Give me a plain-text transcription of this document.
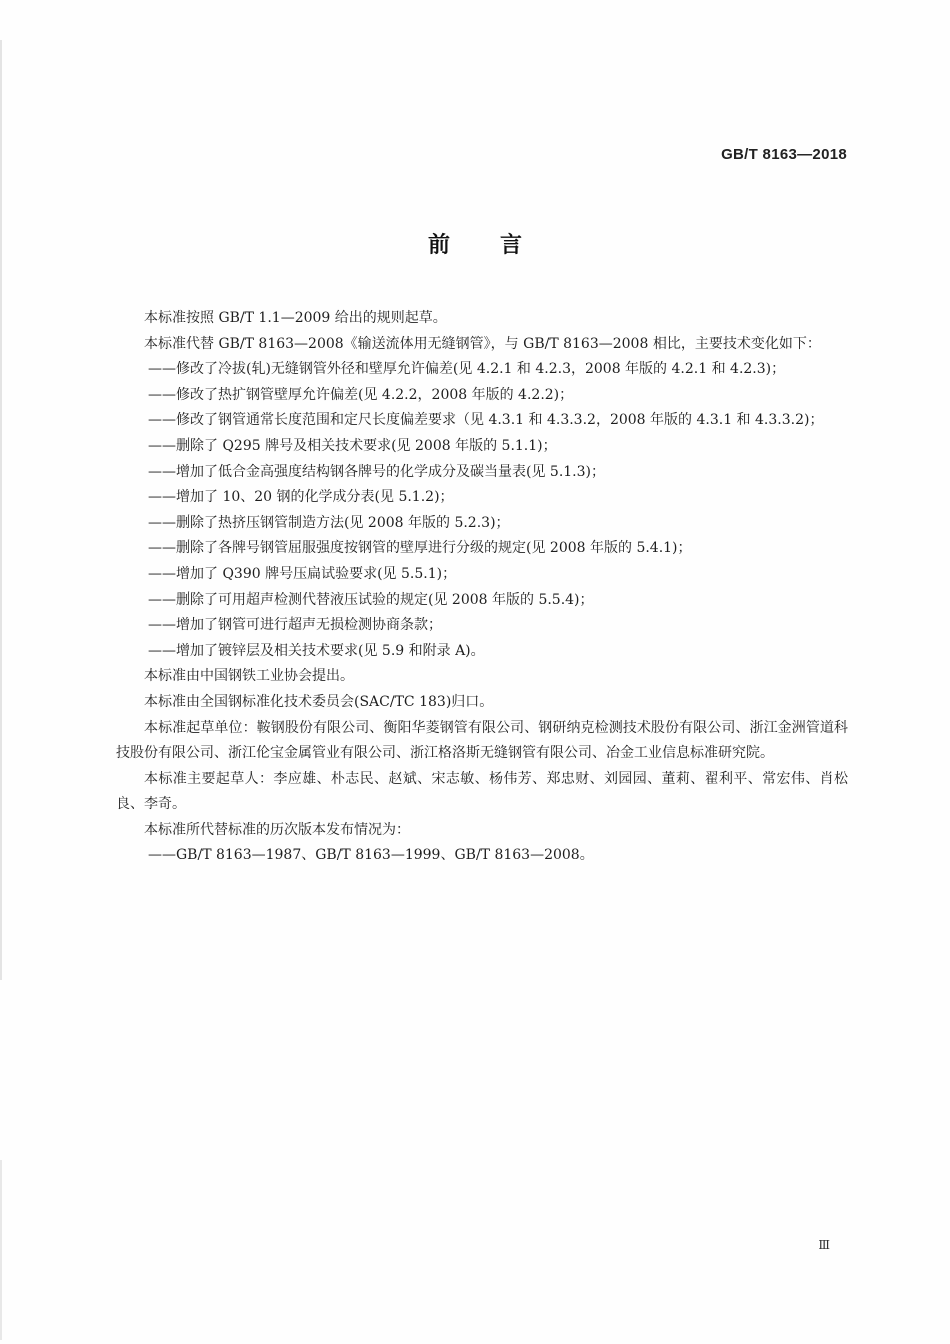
GB/T 8163—2018
前言

本标准按照 GB/T 1.1—2009 给出的规则起草。

本标准代替 GB/T 8163—2008《输送流体用无缝钢管》，与 GB/T 8163—2008 相比，主要技术变化如下：

——修改了冷拔(轧)无缝钢管外径和壁厚允许偏差(见 4.2.1 和 4.2.3，2008 年版的 4.2.1 和 4.2.3)；

——修改了热扩钢管壁厚允许偏差(见 4.2.2，2008 年版的 4.2.2)；

——修改了钢管通常长度范围和定尺长度偏差要求（见 4.3.1 和 4.3.3.2，2008 年版的 4.3.1 和 4.3.3.2)；

——删除了 Q295 牌号及相关技术要求(见 2008 年版的 5.1.1)；

——增加了低合金高强度结构钢各牌号的化学成分及碳当量表(见 5.1.3)；

——增加了 10、20 钢的化学成分表(见 5.1.2)；

——删除了热挤压钢管制造方法(见 2008 年版的 5.2.3)；

——删除了各牌号钢管屈服强度按钢管的壁厚进行分级的规定(见 2008 年版的 5.4.1)；

——增加了 Q390 牌号压扁试验要求(见 5.5.1)；

——删除了可用超声检测代替液压试验的规定(见 2008 年版的 5.5.4)；

——增加了钢管可进行超声无损检测协商条款；

——增加了镀锌层及相关技术要求(见 5.9 和附录 A)。

本标准由中国钢铁工业协会提出。

本标准由全国钢标准化技术委员会(SAC/TC 183)归口。

本标准起草单位：鞍钢股份有限公司、衡阳华菱钢管有限公司、钢研纳克检测技术股份有限公司、浙江金洲管道科技股份有限公司、浙江伦宝金属管业有限公司、浙江格洛斯无缝钢管有限公司、冶金工业信息标准研究院。

本标准主要起草人：李应雄、朴志民、赵斌、宋志敏、杨伟芳、郑忠财、刘园园、董莉、翟利平、常宏伟、肖松良、李奇。

本标准所代替标准的历次版本发布情况为：

——GB/T 8163—1987、GB/T 8163—1999、GB/T 8163—2008。

Ⅲ
